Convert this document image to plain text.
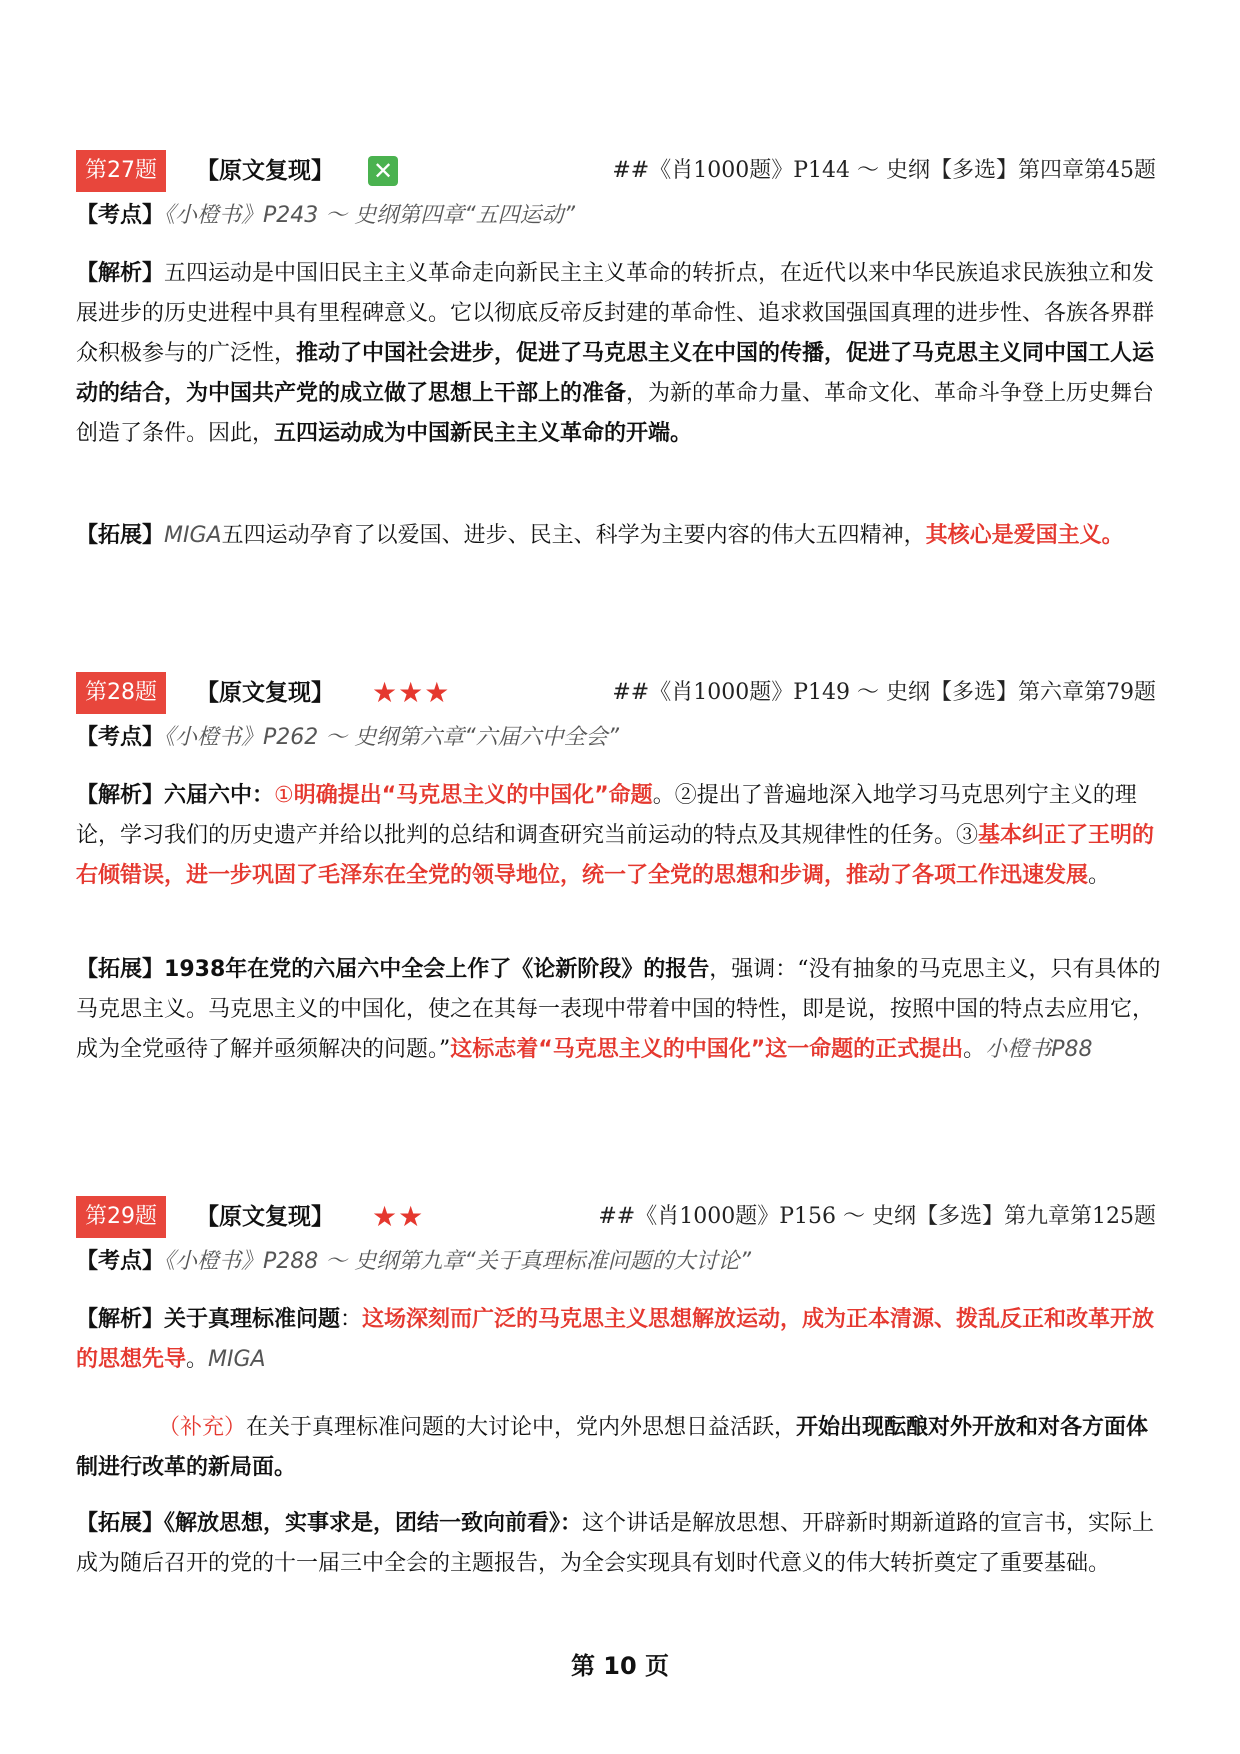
第27题	【原文复现】 ✕	##《肖1000题》P144 ～ 史纲【多选】第四章第45题
【考点】《小橙书》P243 ～ 史纲第四章“五四运动”
【解析】五四运动是中国旧民主主义革命走向新民主主义革命的转折点，在近代以来中华民族追求民族独立和发展进步的历史进程中具有里程碑意义。它以彻底反帝反封建的革命性、追求救国强国真理的进步性、各族各界群众积极参与的广泛性，推动了中国社会进步，促进了马克思主义在中国的传播，促进了马克思主义同中国工人运动的结合，为中国共产党的成立做了思想上干部上的准备，为新的革命力量、革命文化、革命斗争登上历史舞台创造了条件。因此，五四运动成为中国新民主主义革命的开端。
【拓展】MIGA五四运动孕育了以爱国、进步、民主、科学为主要内容的伟大五四精神，其核心是爱国主义。
第28题	【原文复现】 ★★★	##《肖1000题》P149 ～ 史纲【多选】第六章第79题
【考点】《小橙书》P262 ～ 史纲第六章“六届六中全会”
【解析】六届六中：①明确提出“马克思主义的中国化”命题。②提出了普遍地深入地学习马克思列宁主义的理论，学习我们的历史遗产并给以批判的总结和调查研究当前运动的特点及其规律性的任务。③基本纠正了王明的右倾错误，进一步巩固了毛泽东在全党的领导地位，统一了全党的思想和步调，推动了各项工作迅速发展。
【拓展】1938年在党的六届六中全会上作了《论新阶段》的报告，强调：“没有抽象的马克思主义，只有具体的马克思主义。马克思主义的中国化，使之在其每一表现中带着中国的特性，即是说，按照中国的特点去应用它，成为全党亟待了解并亟须解决的问题。”这标志着“马克思主义的中国化”这一命题的正式提出。小橙书P88
第29题	【原文复现】 ★★	##《肖1000题》P156 ～ 史纲【多选】第九章第125题
【考点】《小橙书》P288 ～ 史纲第九章“关于真理标准问题的大讨论”
【解析】关于真理标准问题：这场深刻而广泛的马克思主义思想解放运动，成为正本清源、拨乱反正和改革开放的思想先导。MIGA
（补充）在关于真理标准问题的大讨论中，党内外思想日益活跃，开始出现酝酿对外开放和对各方面体制进行改革的新局面。
【拓展】《解放思想，实事求是，团结一致向前看》：这个讲话是解放思想、开辟新时期新道路的宣言书，实际上成为随后召开的党的十一届三中全会的主题报告，为全会实现具有划时代意义的伟大转折奠定了重要基础。
第 10 页
